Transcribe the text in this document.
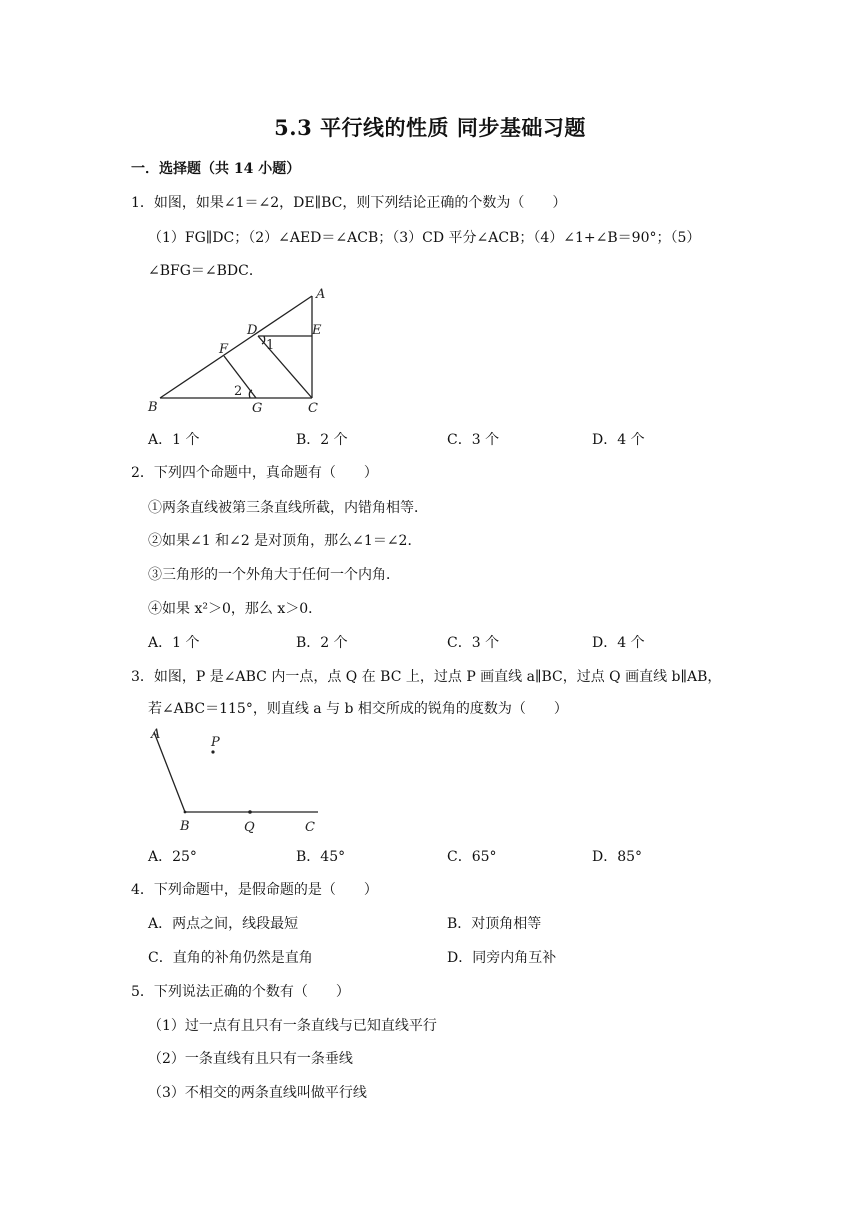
5.3 平行线的性质 同步基础习题
一．选择题（共 14 小题）
1．如图，如果∠1＝∠2，DE∥BC，则下列结论正确的个数为（　　）
（1）FG∥DC；（2）∠AED＝∠ACB；（3）CD 平分∠ACB；（4）∠1+∠B＝90°；（5）
∠BFG＝∠BDC．
A
B	C
D	E
F
G
1
2
A．1 个	B．2 个	C．3 个	D．4 个
2．下列四个命题中，真命题有（　　）
①两条直线被第三条直线所截，内错角相等．
②如果∠1 和∠2 是对顶角，那么∠1＝∠2．
③三角形的一个外角大于任何一个内角．
④如果 x²＞0，那么 x＞0．
A．1 个	B．2 个	C．3 个	D．4 个
3．如图，P 是∠ABC 内一点，点 Q 在 BC 上，过点 P 画直线 a∥BC，过点 Q 画直线 b∥AB，
若∠ABC＝115°，则直线 a 与 b 相交所成的锐角的度数为（　　）
A
P
B	Q	C
A．25°	B．45°	C．65°	D．85°
4．下列命题中，是假命题的是（　　）
A．两点之间，线段最短	B．对顶角相等
C．直角的补角仍然是直角	D．同旁内角互补
5．下列说法正确的个数有（　　）
（1）过一点有且只有一条直线与已知直线平行
（2）一条直线有且只有一条垂线
（3）不相交的两条直线叫做平行线
